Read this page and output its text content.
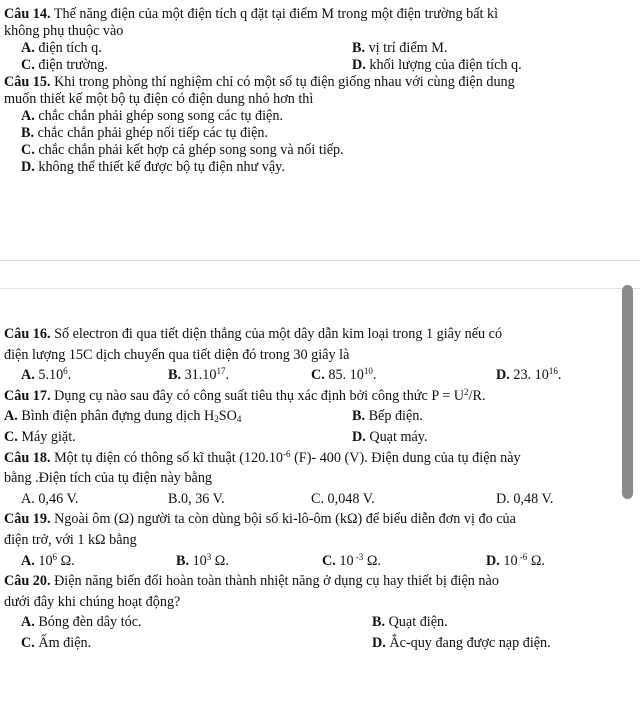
Câu 14. Thế năng điện của một điện tích q đặt tại điểm M trong một điện trường bất kì
không phụ thuộc vào
A. điện tích q.	B. vị trí điểm M.
C. điện trường.	D. khối lượng của điện tích q.
Câu 15. Khi trong phòng thí nghiệm chỉ có một số tụ điện giống nhau với cùng điện dung
muốn thiết kế một bộ tụ điện có điện dung nhỏ hơn thì
A. chắc chắn phải ghép song song các tụ điện.
B. chắc chắn phải ghép nối tiếp các tụ điện.
C. chắc chắn phải kết hợp cả ghép song song và nối tiếp.
D. không thể thiết kế được bộ tụ điện như vậy.
Câu 16. Số electron đi qua tiết diện thẳng của một dây dẫn kim loại trong 1 giây nếu có
điện lượng 15C dịch chuyển qua tiết diện đó trong 30 giây là
A. 5.10$^6$.	B. 31.10$^{17}$.	C. 85. $10^{10}$.	D. 23. $10^{16}$.
Câu 17. Dụng cụ nào sau đây có công suất tiêu thụ xác định bởi công thức $P = U^2/R$.
A. Bình điện phân đựng dung dịch $H_2SO_4$	B. Bếp điện.
C. Máy giặt.	D. Quạt máy.
Câu 18. Một tụ điện có thông số kĩ thuật ($120.10^{-6}$ (F)- 400 (V). Điện dung của tụ điện này
bằng .Điện tích của tụ điện này bằng
A. 0,46 V.	B.0, 36 V.	C. 0,048 V.	D. 0,48 V.
Câu 19. Ngoài ôm (Ω) người ta còn dùng bội số ki-lô-ôm (kΩ) để biểu diễn đơn vị đo của
điện trở, với 1 kΩ bằng
A. $10^6$ Ω.	B. $10^3$ Ω.	C. 10 $^{-3}$ Ω.	D. 10 $^{-6}$ Ω.
Câu 20. Điện năng biến đổi hoàn toàn thành nhiệt năng ở dụng cụ hay thiết bị điện nào
dưới đây khi chúng hoạt động?
A. Bóng đèn dây tóc.	B. Quạt điện.
C. Ấm điện.	D. Ắc-quy đang được nạp điện.
